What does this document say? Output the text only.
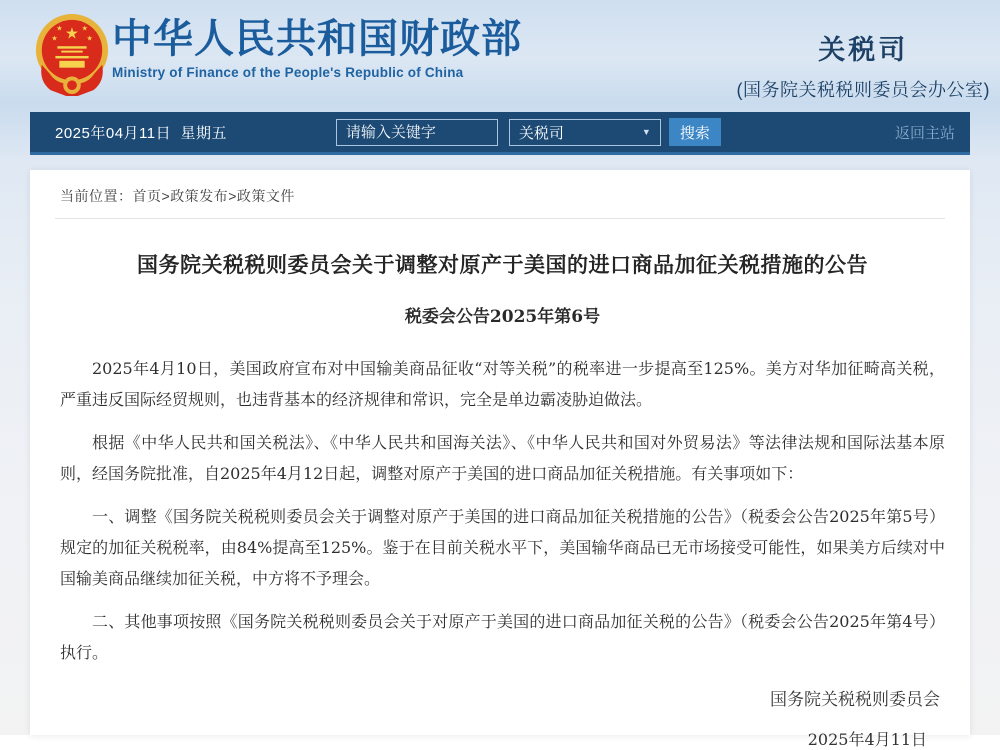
★
★	★
★	★ 中华人民共和国财政部
Ministry of Finance of the People's Republic of China
关税司
(国务院关税税则委员会办公室)
2025年04月11日  星期五
请输入关键字	关税司	▼	搜索	返回主站
当前位置：首页>政策发布>政策文件
国务院关税税则委员会关于调整对原产于美国的进口商品加征关税措施的公告
税委会公告2025年第6号

2025年4月10日，美国政府宣布对中国输美商品征收“对等关税”的税率进一步提高至125%。美方对华加征畸高关税，严重违反国际经贸规则，也违背基本的经济规律和常识，完全是单边霸凌胁迫做法。

根据《中华人民共和国关税法》、《中华人民共和国海关法》、《中华人民共和国对外贸易法》等法律法规和国际法基本原则，经国务院批准，自2025年4月12日起，调整对原产于美国的进口商品加征关税措施。有关事项如下：

一、调整《国务院关税税则委员会关于调整对原产于美国的进口商品加征关税措施的公告》（税委会公告2025年第5号）规定的加征关税税率，由84%提高至125%。鉴于在目前关税水平下，美国输华商品已无市场接受可能性，如果美方后续对中国输美商品继续加征关税，中方将不予理会。

二、其他事项按照《国务院关税税则委员会关于对原产于美国的进口商品加征关税的公告》（税委会公告2025年第4号）执行。

国务院关税税则委员会
2025年4月11日
